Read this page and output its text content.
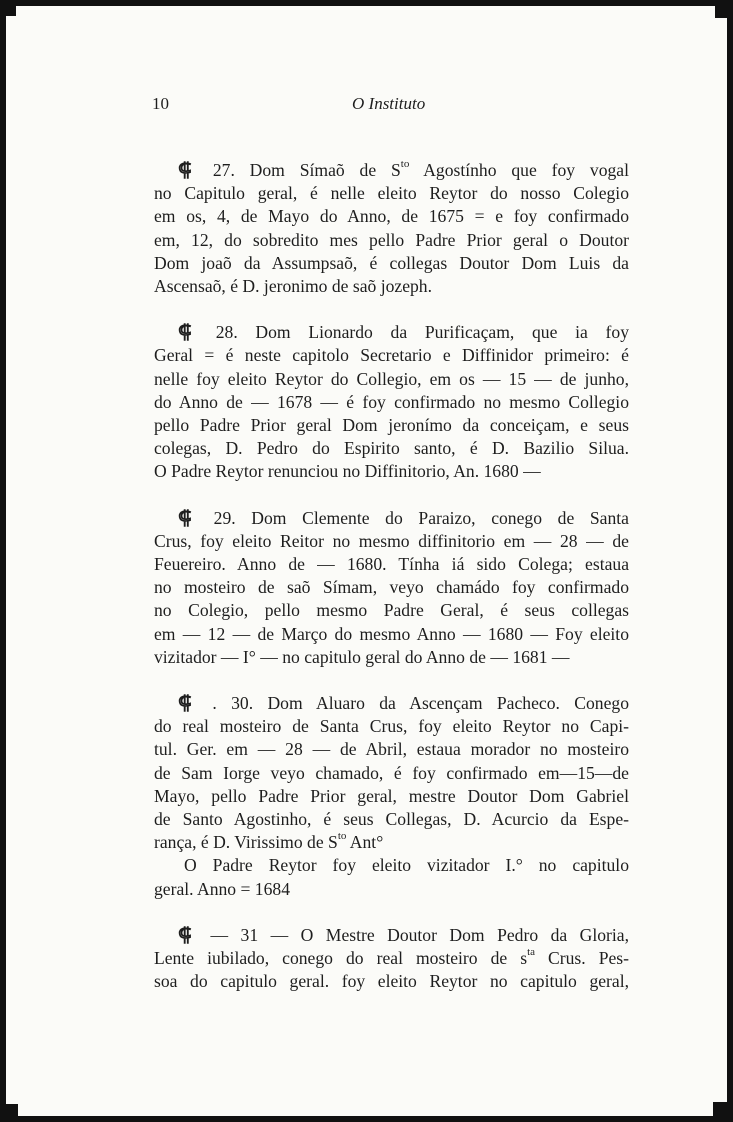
10	O Instituto
⸿ 27. Dom Símaõ de $S^{to}$ Agostínho que foy vogal
no Capitulo geral, é nelle eleito Reytor do nosso Colegio
em os, 4, de Mayo do Anno, de 1675 = e foy confirmado
em, 12, do sobredito mes pello Padre Prior geral o Doutor
Dom joaõ da Assumpsaõ, é collegas Doutor Dom Luis da
Ascensaõ, é D. jeronimo de saõ jozeph.
⸿ 28. Dom Lionardo da Purificaçam, que ia foy
Geral = é neste capitolo Secretario e Diffinidor primeiro: é
nelle foy eleito Reytor do Collegio, em os — 15 — de junho,
do Anno de — 1678 — é foy confirmado no mesmo Collegio
pello Padre Prior geral Dom jeronímo da conceiçam, e seus
colegas, D. Pedro do Espirito santo, é D. Bazilio Silua.
O Padre Reytor renunciou no Diffinitorio, An. 1680 —
⸿ 29. Dom Clemente do Paraizo, conego de Santa
Crus, foy eleito Reitor no mesmo diffinitorio em — 28 — de
Feuereiro. Anno de — 1680. Tínha iá sido Colega; estaua
no mosteiro de saõ Símam, veyo chamádo foy confirmado
no Colegio, pello mesmo Padre Geral, é seus collegas
em — 12 — de Março do mesmo Anno — 1680 — Foy eleito
vizitador — I° — no capitulo geral do Anno de — 1681 —
⸿ . 30. Dom Aluaro da Ascençam Pacheco. Conego
do real mosteiro de Santa Crus, foy eleito Reytor no Capi-
tul. Ger. em — 28 — de Abril, estaua morador no mosteiro
de Sam Iorge veyo chamado, é foy confirmado em—15—de
Mayo, pello Padre Prior geral, mestre Doutor Dom Gabriel
de Santo Agostinho, é seus Collegas, D. Acurcio da Espe-
rança, é D. Virissimo de $S^{to}$ Ant°
O Padre Reytor foy eleito vizitador I.° no capitulo
geral. Anno = 1684
⸿ — 31 — O Mestre Doutor Dom Pedro da Gloria,
Lente iubilado, conego do real mosteiro de $s^{ta}$ Crus. Pes-
soa do capitulo geral. foy eleito Reytor no capitulo geral,
